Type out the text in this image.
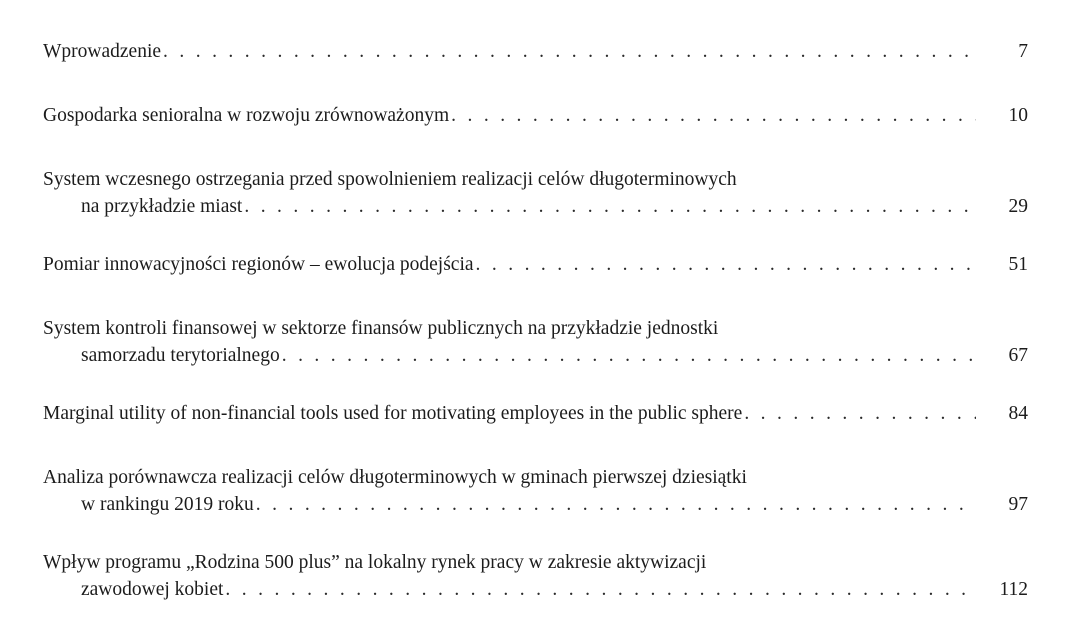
Wprowadzenie . . .	7
Gospodarka senioralna w rozwoju zrównoważonym . . .	10
System wczesnego ostrzegania przed spowolnieniem realizacji celów długoterminowych
na przykładzie miast . . .	29
Pomiar innowacyjności regionów – ewolucja podejścia . . .	51
System kontroli finansowej w sektorze finansów publicznych na przykładzie jednostki
samorzadu terytorialnego . . .	67
Marginal utility of non-financial tools used for motivating employees in the public sphere . . .	84
Analiza porównawcza realizacji celów długoterminowych w gminach pierwszej dziesiątki
w rankingu 2019 roku . . .	97
Wpływ programu „Rodzina 500 plus” na lokalny rynek pracy w zakresie aktywizacji
zawodowej kobiet . . .	112
